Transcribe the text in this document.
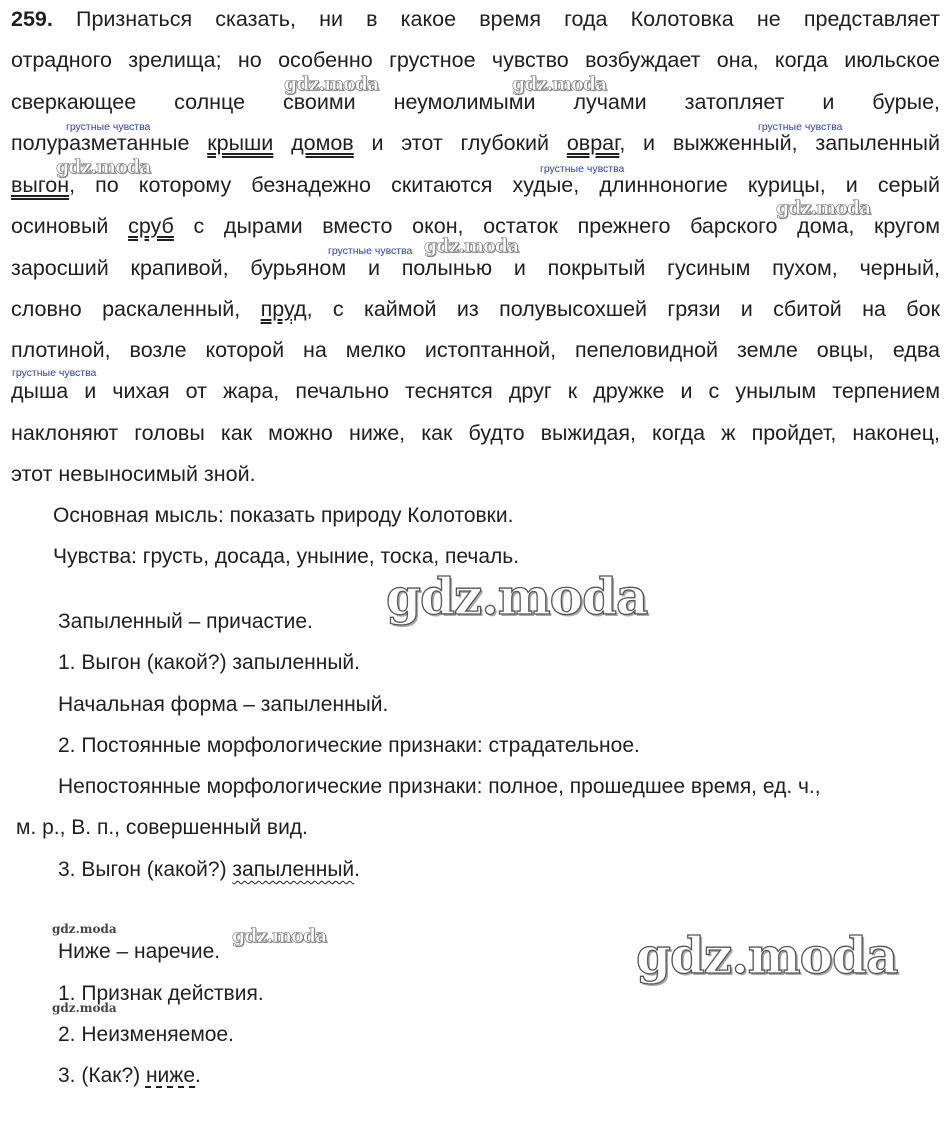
259. Признаться сказать, ни в какое время года Колотовка не представляет
отрадного зрелища; но особенно грустное чувство возбуждает она, когда июльское
сверкающее солнце своими неумолимыми лучами затопляет и бурые,
полуразметанные крыши домов и этот глубокий овраг, и выжженный, запыленный
выгон, по которому безнадежно скитаются худые, длинноногие курицы, и серый
осиновый сруб с дырами вместо окон, остаток прежнего барского дома, кругом
заросший крапивой, бурьяном и полынью и покрытый гусиным пухом, черный,
словно раскаленный, пруд, с каймой из полувысохшей грязи и сбитой на бок
плотиной, возле которой на мелко истоптанной, пепеловидной земле овцы, едва
дыша и чихая от жара, печально теснятся друг к дружке и с унылым терпением
наклоняют головы как можно ниже, как будто выжидая, когда ж пройдет, наконец,
этот невыносимый зной.
грустные чувства	грустные чувства
грустные чувства
грустные чувства
грустные чувства
Основная мысль: показать природу Колотовки.
Чувства: грусть, досада, уныние, тоска, печаль.
Запыленный – причастие.
1. Выгон (какой?) запыленный.
Начальная форма – запыленный.
2. Постоянные морфологические признаки: страдательное.
Непостоянные морфологические признаки: полное, прошедшее время, ед. ч.,
м. р., В. п., совершенный вид.
3. Выгон (какой?) запыленный.
Ниже – наречие.
1. Признак действия.
2. Неизменяемое.
3. (Как?) ниже.
gdz.moda	gdz.moda
gdz.moda
gdz.moda
gdz.moda
gdz.moda
gdz.moda	gdz.moda	gdz.moda
gdz.moda
